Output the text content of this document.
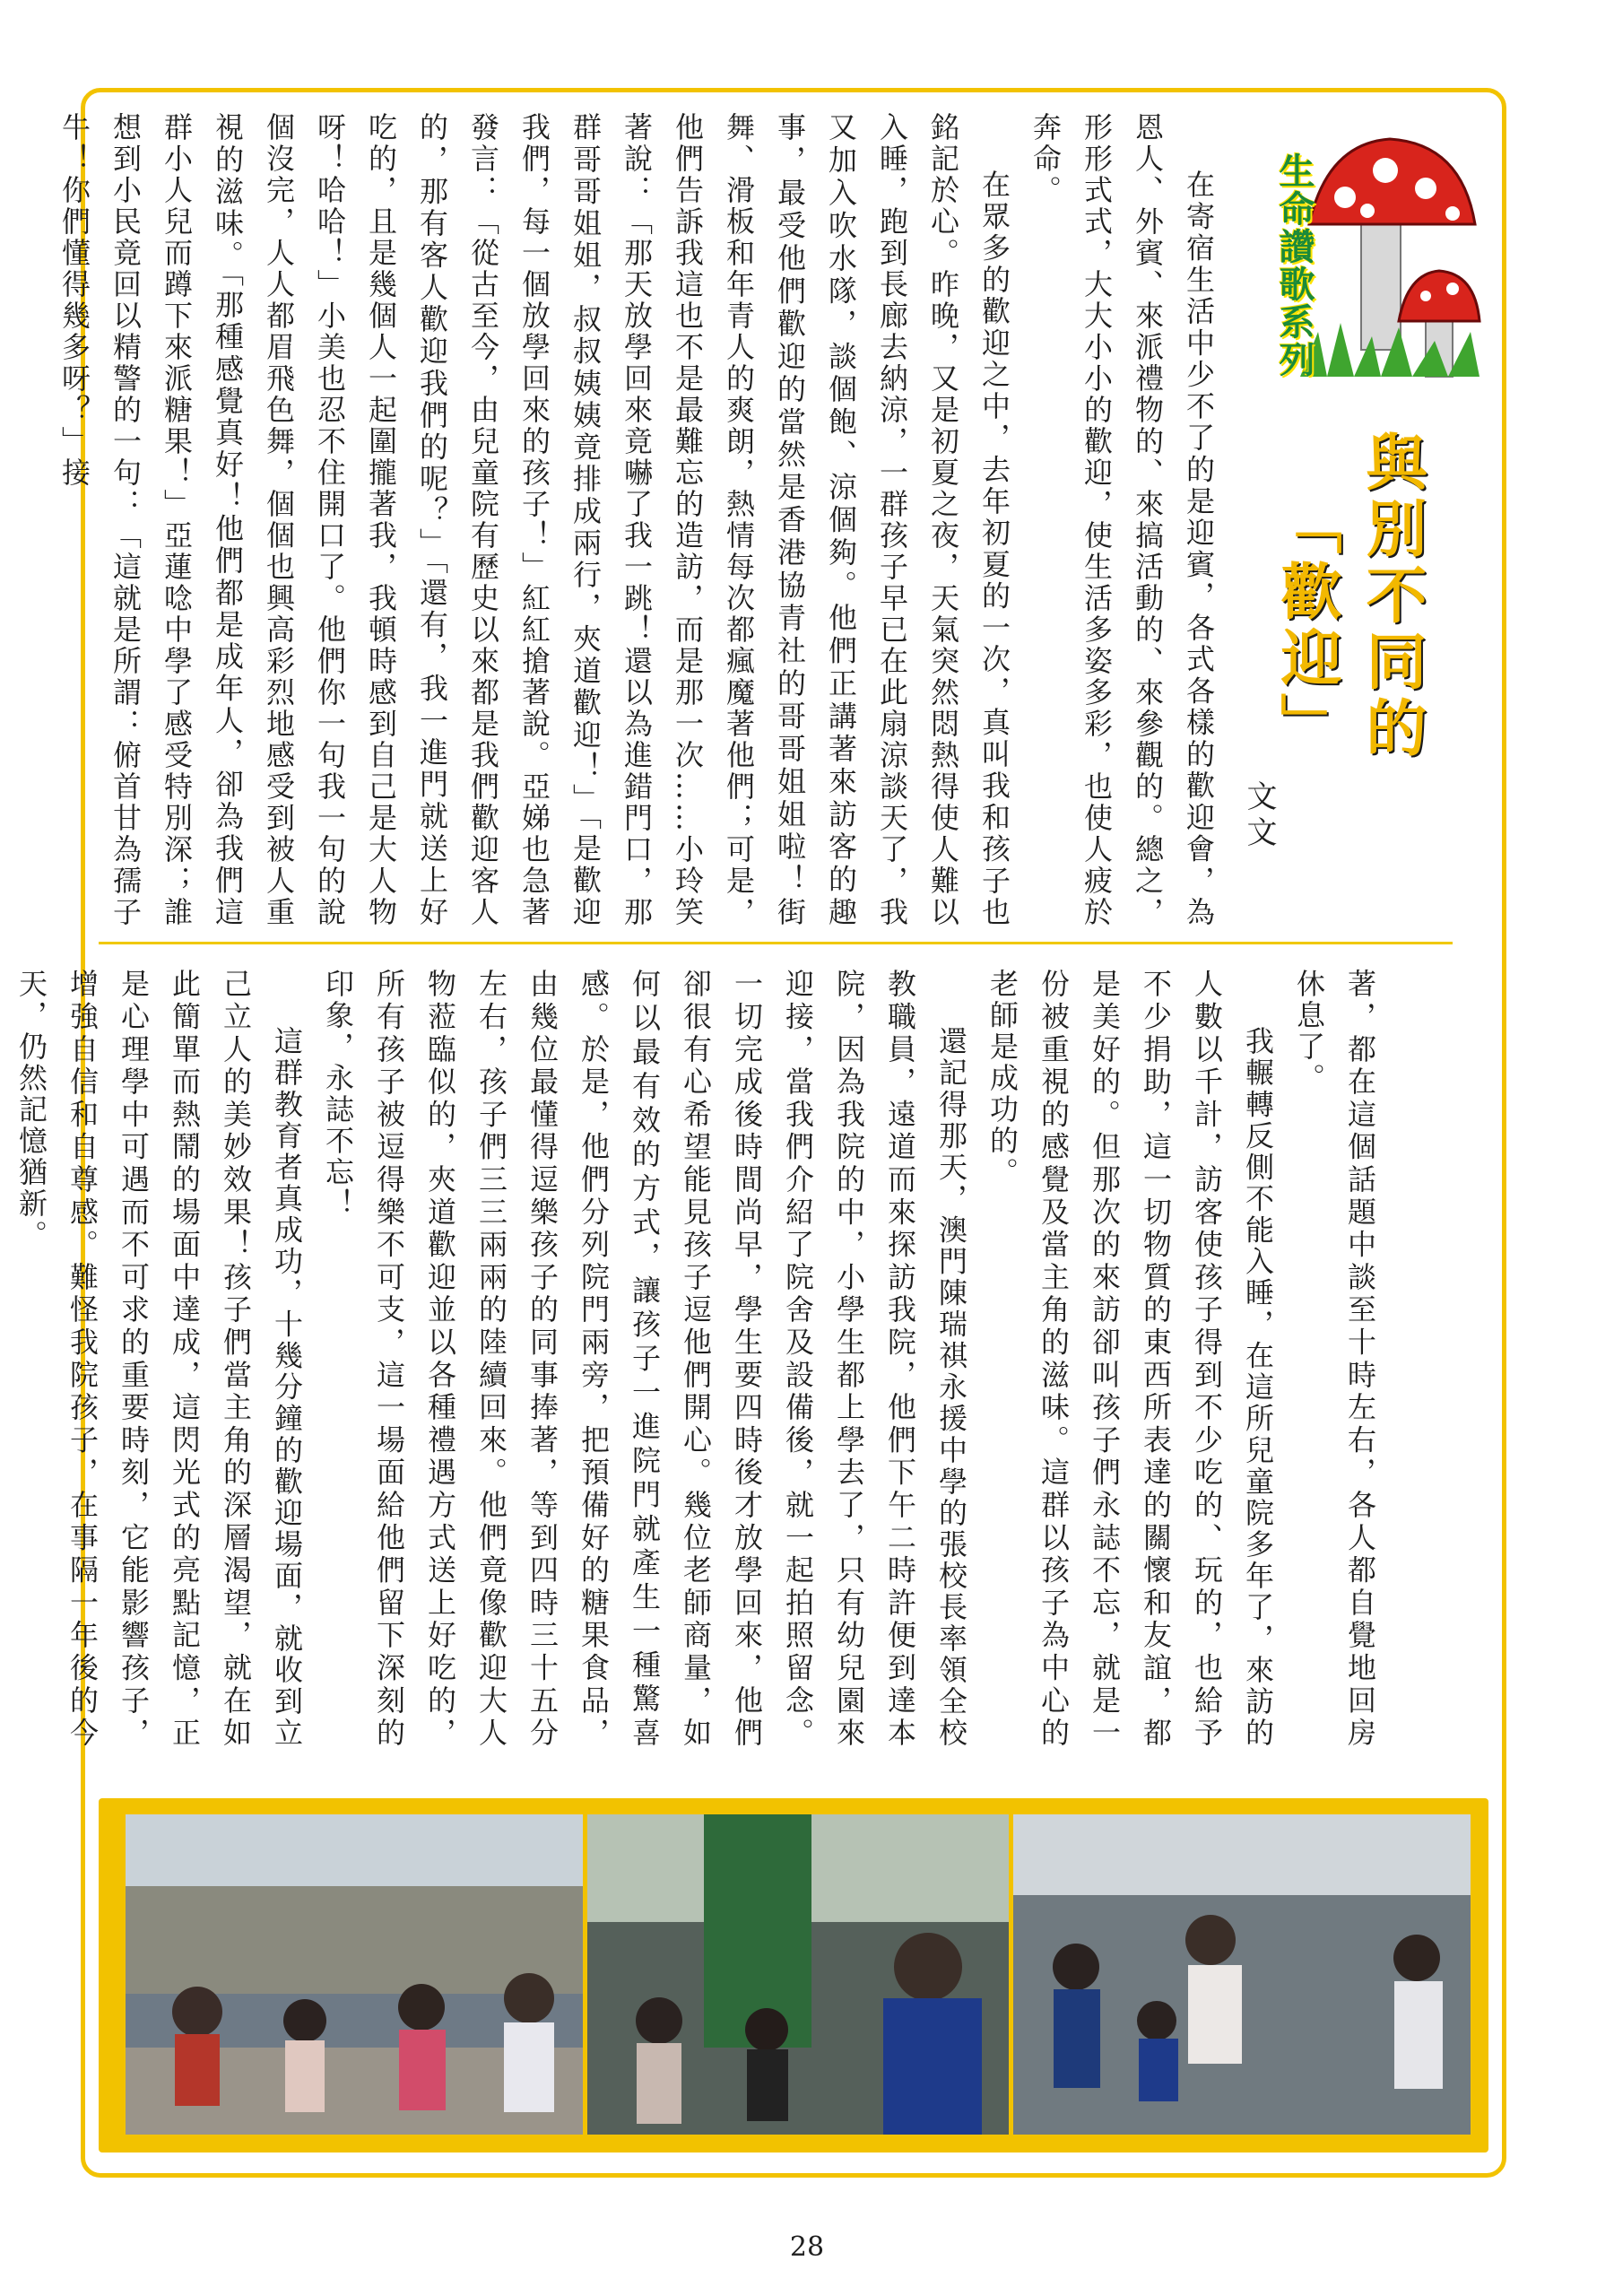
生命讚歌系列
與別不同的
「歡迎」
文文

在寄宿生活中少不了的是迎賓，各式各樣的歡迎會，為恩人、外賓、來派禮物的、來搞活動的、來參觀的。總之，形形式式，大大小小的歡迎，使生活多姿多彩，也使人疲於奔命。

在眾多的歡迎之中，去年初夏的一次，真叫我和孩子也銘記於心。昨晚，又是初夏之夜，天氣突然悶熱得使人難以入睡，跑到長廊去納涼，一群孩子早已在此扇涼談天了，我又加入吹水隊，談個飽、涼個夠。他們正講著來訪客的趣事，最受他們歡迎的當然是香港協青社的哥哥姐姐啦！街舞、滑板和年青人的爽朗，熱情每次都瘋魔著他們；可是，他們告訴我這也不是最難忘的造訪，而是那一次……小玲笑著說：「那天放學回來竟嚇了我一跳！還以為進錯門口，那群哥哥姐姐，叔叔姨姨竟排成兩行，夾道歡迎！」「是歡迎我們，每一個放學回來的孩子！」紅紅搶著說。亞娣也急著發言：「從古至今，由兒童院有歷史以來都是我們歡迎客人的，那有客人歡迎我們的呢？」「還有，我一進門就送上好吃的，且是幾個人一起圍攏著我，我頓時感到自己是大人物呀！哈哈！」小美也忍不住開口了。他們你一句我一句的說個沒完，人人都眉飛色舞，個個也興高彩烈地感受到被人重視的滋味。「那種感覺真好！他們都是成年人，卻為我們這群小人兒而蹲下來派糖果！」亞蓮唸中學了感受特別深；誰想到小民竟回以精警的一句：「這就是所謂：俯首甘為孺子牛！你們懂得幾多呀？」接

著，都在這個話題中談至十時左右，各人都自覺地回房休息了。

我輾轉反側不能入睡，在這所兒童院多年了，來訪的人數以千計，訪客使孩子得到不少吃的、玩的，也給予不少捐助，這一切物質的東西所表達的關懷和友誼，都是美好的。但那次的來訪卻叫孩子們永誌不忘，就是一份被重視的感覺及當主角的滋味。這群以孩子為中心的老師是成功的。

還記得那天，澳門陳瑞祺永援中學的張校長率領全校教職員，遠道而來探訪我院，他們下午二時許便到達本院，因為我院的中，小學生都上學去了，只有幼兒園來迎接，當我們介紹了院舍及設備後，就一起拍照留念。一切完成後時間尚早，學生要四時後才放學回來，他們卻很有心希望能見孩子逗他們開心。幾位老師商量，如何以最有效的方式，讓孩子一進院門就產生一種驚喜感。於是，他們分列院門兩旁，把預備好的糖果食品，由幾位最懂得逗樂孩子的同事捧著，等到四時三十五分左右，孩子們三三兩兩的陸續回來。他們竟像歡迎大人物蒞臨似的，夾道歡迎並以各種禮遇方式送上好吃的，所有孩子被逗得樂不可支，這一場面給他們留下深刻的印象，永誌不忘！

這群教育者真成功，十幾分鐘的歡迎場面，就收到立己立人的美妙效果！孩子們當主角的深層渴望，就在如此簡單而熱鬧的場面中達成，這閃光式的亮點記憶，正是心理學中可遇而不可求的重要時刻，它能影響孩子，增強自信和自尊感。難怪我院孩子，在事隔一年後的今天，仍然記憶猶新。

28
